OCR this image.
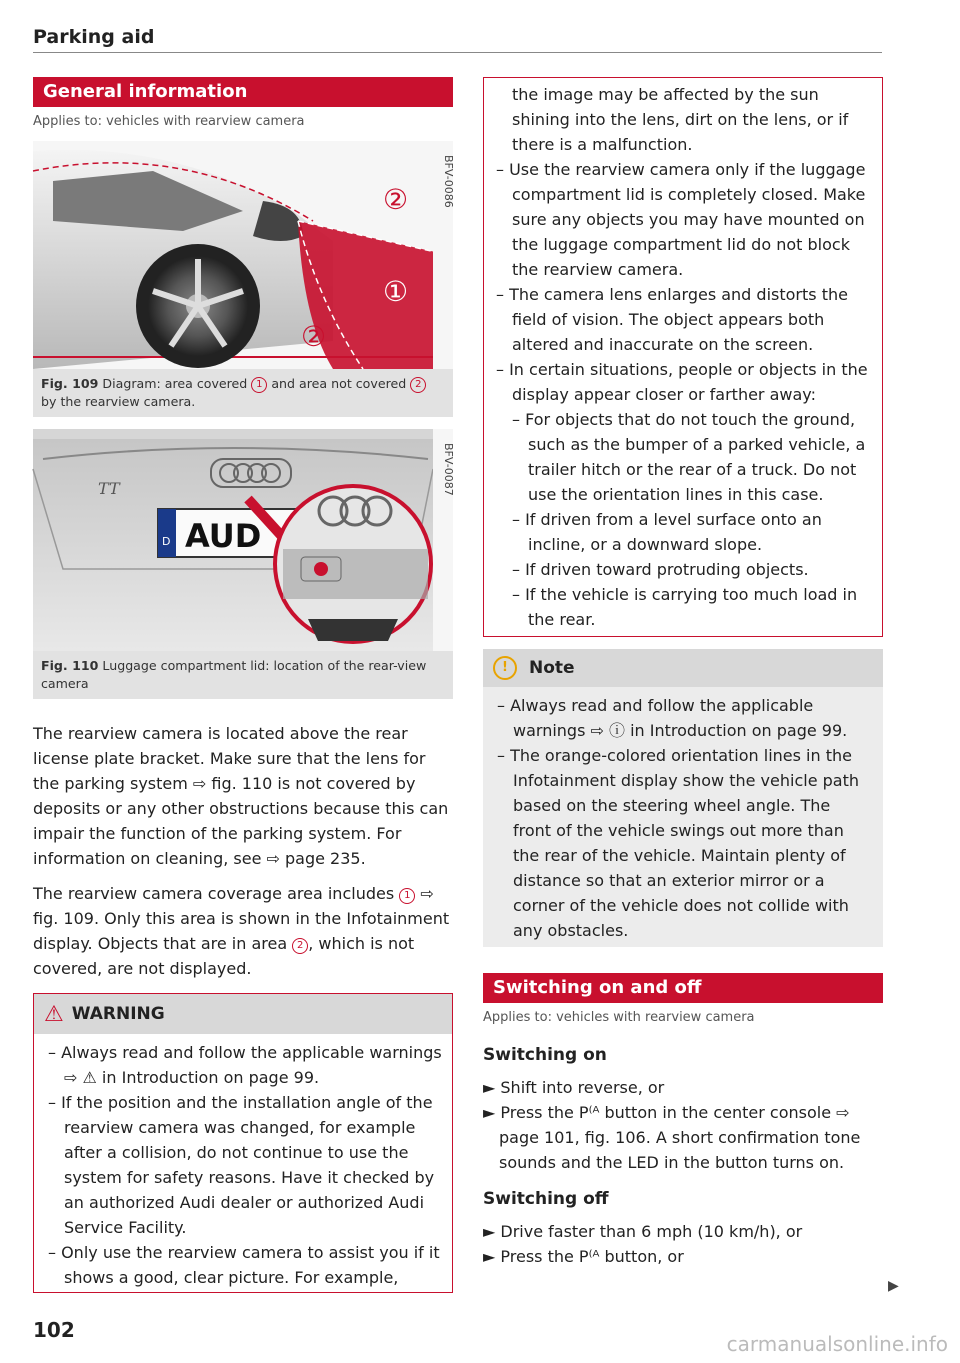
Parking aid
General information
Applies to: vehicles with rearview camera
BFV-0086
②
①
②
Fig. 109 Diagram: area covered 1 and area not covered 2 by the rearview camera.
TT
D AUD
BFV-0087
Fig. 110 Luggage compartment lid: location of the rear-view camera

The rearview camera is located above the rear license plate bracket. Make sure that the lens for the parking system ⇨ fig. 110 is not covered by deposits or any other obstructions because this can impair the function of the parking system. For information on cleaning, see ⇨ page 235.

The rearview camera coverage area includes 1 ⇨ fig. 109. Only this area is shown in the Infotainment display. Objects that are in area 2 , which is not covered, are not displayed.

⚠ WARNING
– Always read and follow the applicable warnings ⇨ ⚠ in Introduction on page 99.
– If the position and the installation angle of the rearview camera was changed, for example after a collision, do not continue to use the system for safety reasons. Have it checked by an authorized Audi dealer or authorized Audi Service Facility.
– Only use the rearview camera to assist you if it shows a good, clear picture. For example,
the image may be affected by the sun shining into the lens, dirt on the lens, or if there is a malfunction.
– Use the rearview camera only if the luggage compartment lid is completely closed. Make sure any objects you may have mounted on the luggage compartment lid do not block the rearview camera.
– The camera lens enlarges and distorts the field of vision. The object appears both altered and inaccurate on the screen.
– In certain situations, people or objects in the display appear closer or farther away:
– For objects that do not touch the ground, such as the bumper of a parked vehicle, a trailer hitch or the rear of a truck. Do not use the orientation lines in this case.
– If driven from a level surface onto an incline, or a downward slope.
– If driven toward protruding objects.
– If the vehicle is carrying too much load in the rear.
!	Note
– Always read and follow the applicable warnings ⇨ ⓘ in Introduction on page 99.
– The orange-colored orientation lines in the Infotainment display show the vehicle path based on the steering wheel angle. The front of the vehicle swings out more than the rear of the vehicle. Maintain plenty of distance so that an exterior mirror or a corner of the vehicle does not collide with any obstacles.
Switching on and off
Applies to: vehicles with rearview camera

Switching on

► Shift into reverse, or
► Press the P⁽ᴬ button in the center console ⇨ page 101, fig. 106. A short confirmation tone sounds and the LED in the button turns on.

Switching off

► Drive faster than 6 mph (10 km/h), or
► Press the P⁽ᴬ button, or
▶
102
carmanualsonline.info
